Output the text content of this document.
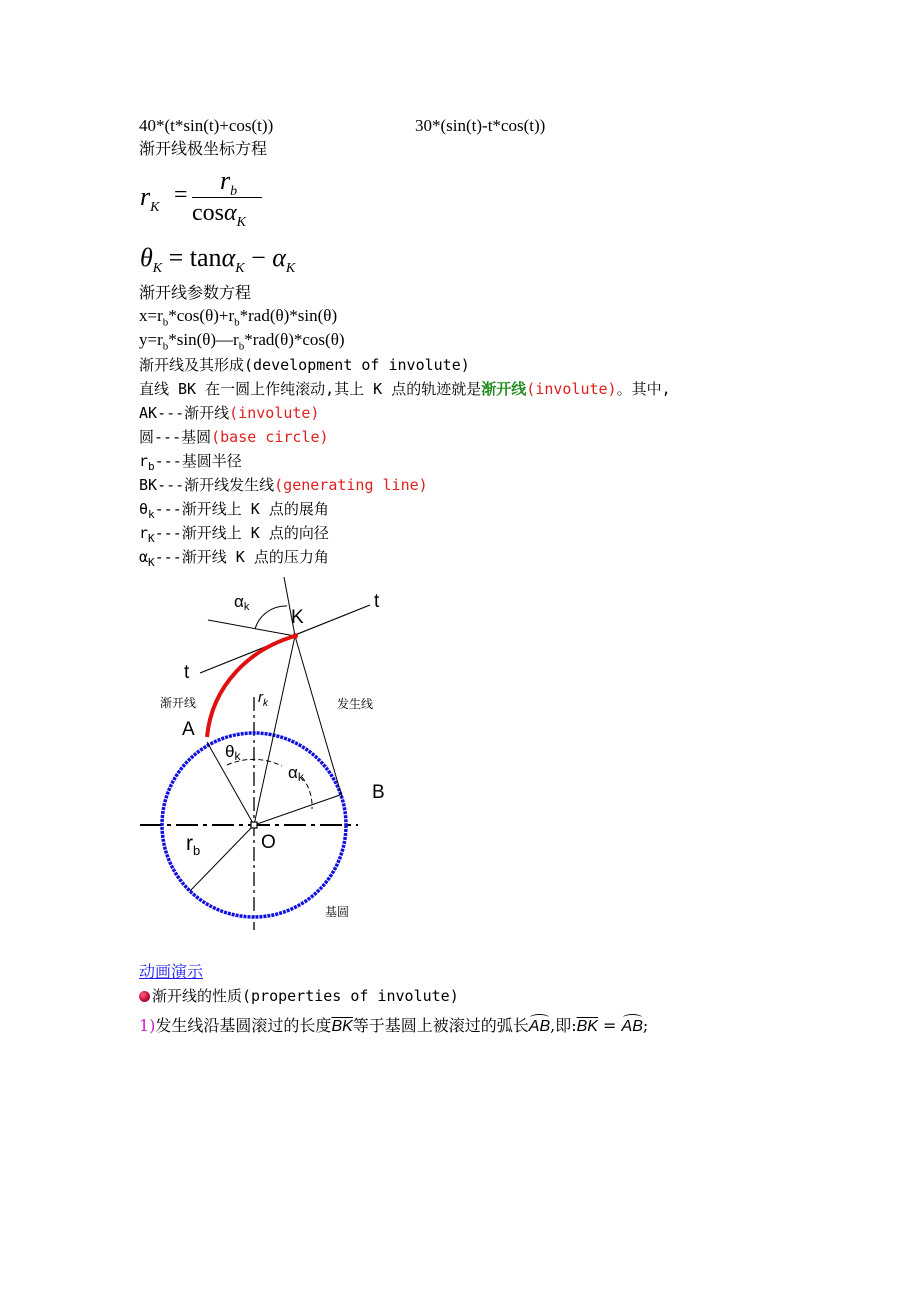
40*(t*sin(t)+cos(t))	30*(sin(t)-t*cos(t))
渐开线极坐标方程
$r_K = r_b$
cosα$_K$
$\theta_K = \tan\alpha_K - \alpha_K$
渐开线参数方程
$x=r_b*\cos(\theta)+r_b*rad(\theta)*\sin(\theta)$
$y=r_b*\sin(\theta)—r_b*rad(\theta)*\cos(\theta)$
渐开线及其形成(development of involute)
直线 BK 在一圆上作纯滚动,其上 K 点的轨迹就是渐开线(involute)。其中,
AK---渐开线(involute)
圆---基圆(base circle)
$r_b---$基圆半径
BK---渐开线发生线(generating line)
$\theta_k---$渐开线上 K 点的展角
$r_K---$渐开线上 K 点的向径
$\alpha_K---$渐开线 K 点的压力角
αk K
t
t
渐开线	$r_k$	发生线
A
θk
αk
B
$r_b$	O
基圆
动画演示
渐开线的性质(properties of involute)
1)发生线沿基圆滚过的长度$\overline{BK}$等于基圆上被滚过的弧长AB,即$:\overline{BK}$ = AB;
